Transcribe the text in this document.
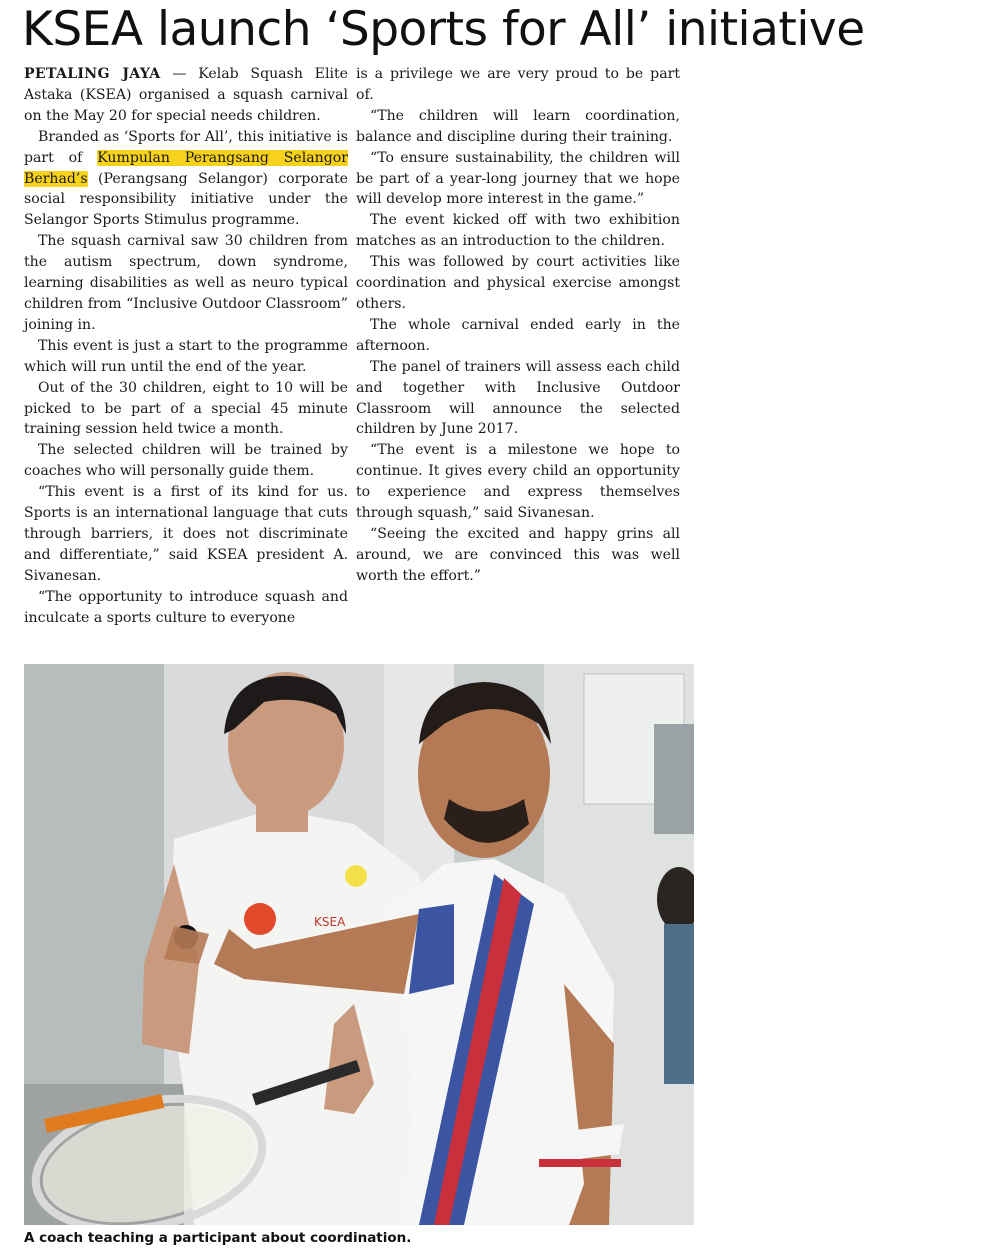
KSEA launch ‘Sports for All’ initiative

PETALING JAYA — Kelab Squash Elite Astaka (KSEA) organised a squash carnival on the May 20 for special needs children.

Branded as ‘Sports for All’, this initiative is part of Kumpulan Perangsang Selangor Berhad’s (Perangsang Selangor) corporate social responsibility initiative under the Selangor Sports Stimulus programme.

The squash carnival saw 30 children from the autism spectrum, down syndrome, learning disabilities as well as neuro typical children from “Inclusive Outdoor Classroom” joining in.

This event is just a start to the programme which will run until the end of the year.

Out of the 30 children, eight to 10 will be picked to be part of a special 45 minute training session held twice a month.

The selected children will be trained by coaches who will personally guide them.

“This event is a first of its kind for us. Sports is an international language that cuts through barriers, it does not discriminate and differentiate,” said KSEA president A. Sivanesan.

“The opportunity to introduce squash and inculcate a sports culture to everyone

is a privilege we are very proud to be part of.

“The children will learn coordination, balance and discipline during their training.

“To ensure sustainability, the children will be part of a year-long journey that we hope will develop more interest in the game.”

The event kicked off with two exhibition matches as an introduction to the children.

This was followed by court activities like coordination and physical exercise amongst others.

The whole carnival ended early in the afternoon.

The panel of trainers will assess each child and together with Inclusive Outdoor Classroom will announce the selected children by June 2017.

“The event is a milestone we hope to continue. It gives every child an opportunity to experience and express themselves through squash,” said Sivanesan.

“Seeing the excited and happy grins all around, we are convinced this was well worth the effort.”

KSEA

A coach teaching a participant about coordination.
